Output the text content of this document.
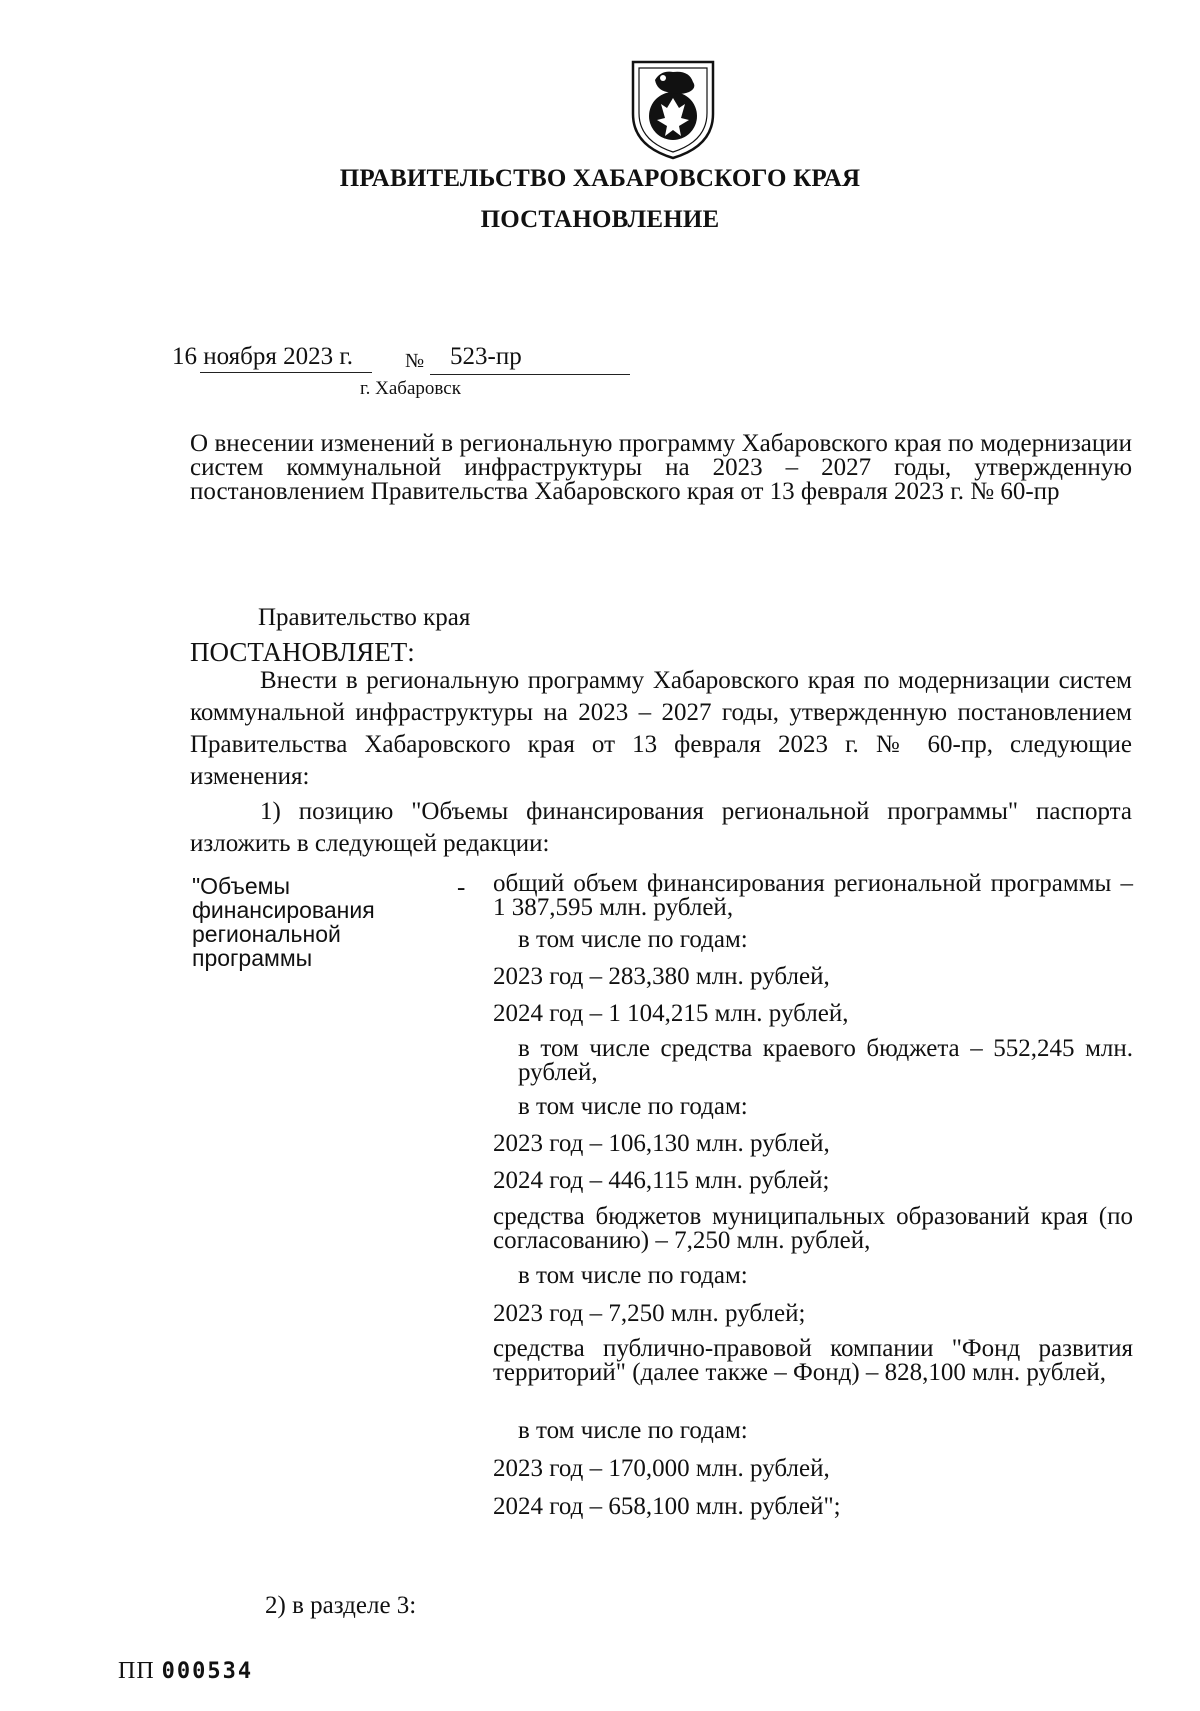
ПРАВИТЕЛЬСТВО ХАБАРОВСКОГО КРАЯ
ПОСТАНОВЛЕНИЕ
16 ноября 2023 г.	№ 523-пр
г. Хабаровск
О внесении изменений в региональную программу Хабаровского края по модернизации систем коммунальной инфраструктуры на 2023 – 2027 годы, утвержденную постановлением Правительства Хабаровского края от 13 февраля 2023 г. № 60-пр
Правительство края
ПОСТАНОВЛЯЕТ:
Внести в региональную программу Хабаровского края по модернизации систем коммунальной инфраструктуры на 2023 – 2027 годы, утвержденную постановлением Правительства Хабаровского края от 13 февраля 2023 г. № 60-пр, следующие изменения:
1) позицию "Объемы финансирования региональной программы" паспорта изложить в следующей редакции:
"Объемы финансирования региональной программы
- общий объем финансирования региональной программы – 1 387,595 млн. рублей,
в том числе по годам:
2023 год – 283,380 млн. рублей,
2024 год – 1 104,215 млн. рублей,
в том числе средства краевого бюджета – 552,245 млн. рублей,
в том числе по годам:
2023 год – 106,130 млн. рублей,
2024 год – 446,115 млн. рублей;
средства бюджетов муниципальных образований края (по согласованию) – 7,250 млн. рублей,
в том числе по годам:
2023 год – 7,250 млн. рублей;
средства публично-правовой компании "Фонд развития территорий" (далее также – Фонд) – 828,100 млн. рублей,
в том числе по годам:
2023 год – 170,000 млн. рублей,
2024 год – 658,100 млн. рублей";
2) в разделе 3:
ПП 000534
